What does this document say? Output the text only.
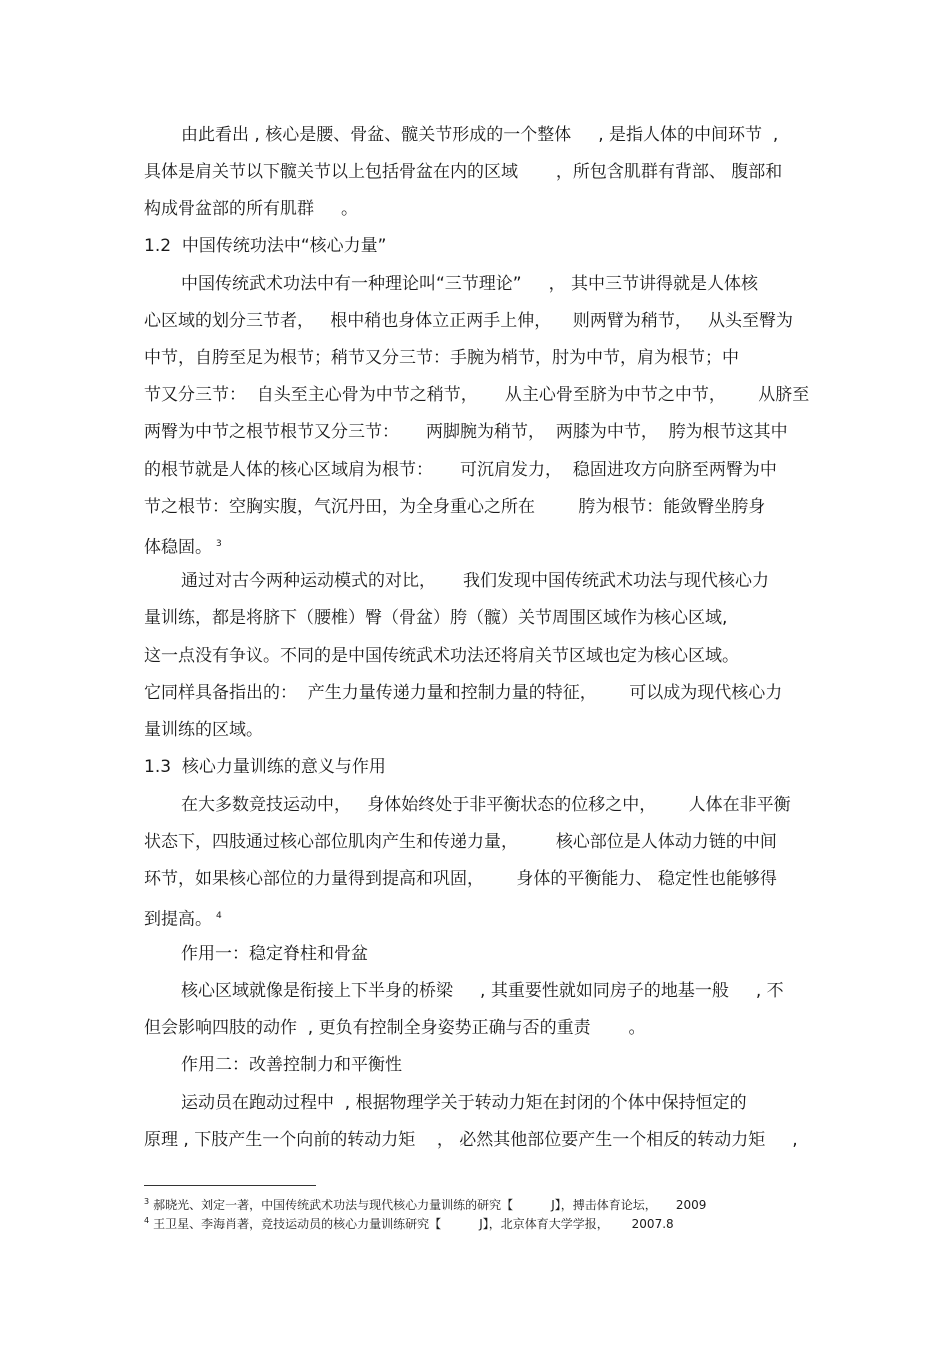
由此看出 , 核心是腰、骨盆、髋关节形成的一个整体     , 是指人体的中间环节  ,

具体是肩关节以下髋关节以上包括骨盆在内的区域       ，所包含肌群有背部、 腹部和

构成骨盆部的所有肌群     。

1.2  中国传统功法中“核心力量”

中国传统武术功法中有一种理论叫“三节理论”     ， 其中三节讲得就是人体核

心区域的划分三节者，   根中稍也身体立正两手上伸，    则两臂为稍节，   从头至臀为

中节，自胯至足为根节；稍节又分三节：手腕为梢节，肘为中节，肩为根节；中

节又分三节：  自头至主心骨为中节之稍节，     从主心骨至脐为中节之中节，      从脐至

两臀为中节之根节根节又分三节：     两脚腕为稍节，  两膝为中节，  胯为根节这其中

的根节就是人体的核心区域肩为根节：     可沉肩发力，  稳固进攻方向脐至两臀为中

节之根节：空胸实腹，气沉丹田，为全身重心之所在        胯为根节：能敛臀坐胯身

体稳固。 $^3$

通过对古今两种运动模式的对比，     我们发现中国传统武术功法与现代核心力

量训练，都是将脐下（腰椎）臀（骨盆）胯（髋）关节周围区域作为核心区域,

这一点没有争议。不同的是中国传统武术功法还将肩关节区域也定为核心区域。

它同样具备指出的：  产生力量传递力量和控制力量的特征，      可以成为现代核心力

量训练的区域。

1.3  核心力量训练的意义与作用

在大多数竞技运动中，   身体始终处于非平衡状态的位移之中，      人体在非平衡

状态下，四肢通过核心部位肌肉产生和传递力量，       核心部位是人体动力链的中间

环节，如果核心部位的力量得到提高和巩固，      身体的平衡能力、 稳定性也能够得

到提高。 $^4$

作用一：稳定脊柱和骨盆

核心区域就像是衔接上下半身的桥梁     , 其重要性就如同房子的地基一般     , 不

但会影响四肢的动作  , 更负有控制全身姿势正确与否的重责       。

作用二：改善控制力和平衡性

运动员在跑动过程中  , 根据物理学关于转动力矩在封闭的个体中保持恒定的

原理 , 下肢产生一个向前的转动力矩    ， 必然其他部位要产生一个相反的转动力矩     ,

$^3$ 郝晓光、刘定一著，中国传统武术功法与现代核心力量训练的研究【          J】，搏击体育论坛，     2009
$^4$ 王卫星、李海肖著，竞技运动员的核心力量训练研究【          J】，北京体育大学学报，      2007.8
